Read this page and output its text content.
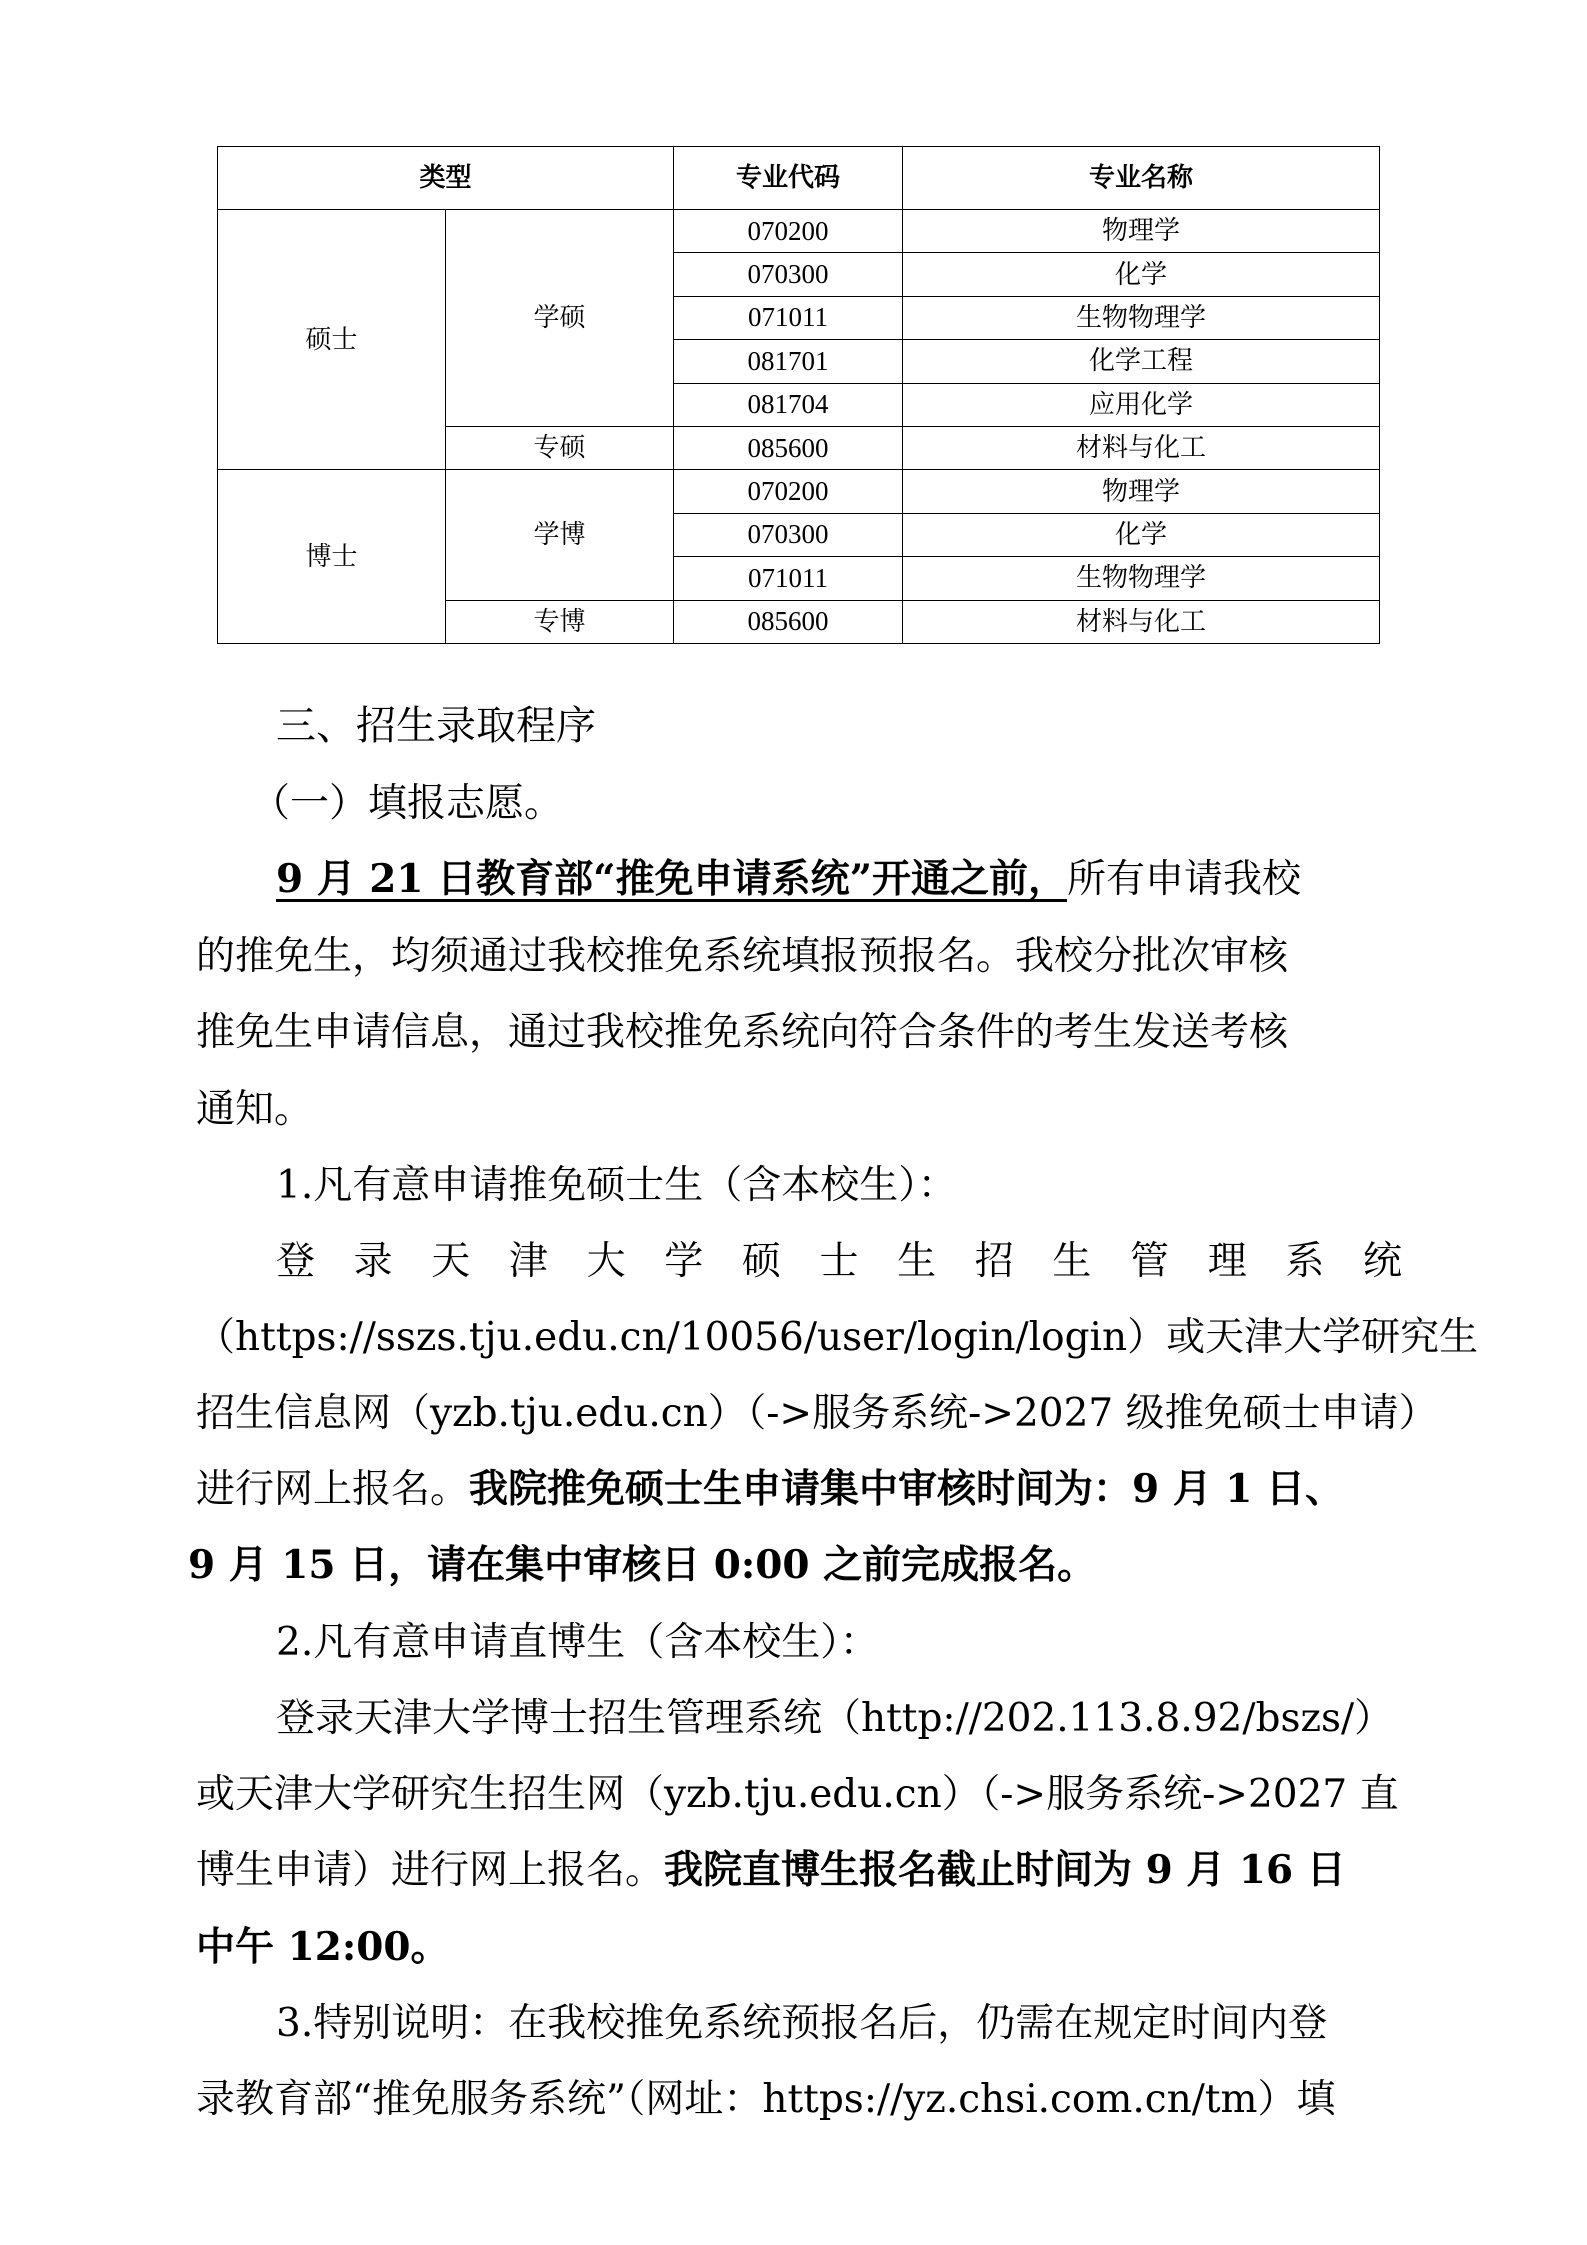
类型		专业代码	专业名称
硕士	学硕	070200	物理学
		070300	化学
		071011	生物物理学
		081701	化学工程
		081704	应用化学
	专硕	085600	材料与化工
博士	学博	070200	物理学
		070300	化学
		071011	生物物理学
	专博	085600	材料与化工
三、招生录取程序
（一）填报志愿。
9 月 21 日教育部“推免申请系统”开通之前，所有申请我校
的推免生，均须通过我校推免系统填报预报名。我校分批次审核
推免生申请信息，通过我校推免系统向符合条件的考生发送考核
通知。
1.凡有意申请推免硕士生（含本校生）：
登 录 天 津 大 学 硕 士 生 招 生 管 理 系 统
（https://sszs.tju.edu.cn/10056/user/login/login）或天津大学研究生
招生信息网（yzb.tju.edu.cn）（->服务系统->2027 级推免硕士申请）
进行网上报名。我院推免硕士生申请集中审核时间为：9 月 1 日、
9 月 15 日，请在集中审核日 0:00 之前完成报名。
2.凡有意申请直博生（含本校生）：
登录天津大学博士招生管理系统（http://202.113.8.92/bszs/）
或天津大学研究生招生网（yzb.tju.edu.cn）（->服务系统->2027 直
博生申请）进行网上报名。我院直博生报名截止时间为 9 月 16 日
中午 12:00。
3.特别说明：在我校推免系统预报名后，仍需在规定时间内登
录教育部“推免服务系统”（网址：https://yz.chsi.com.cn/tm）填
